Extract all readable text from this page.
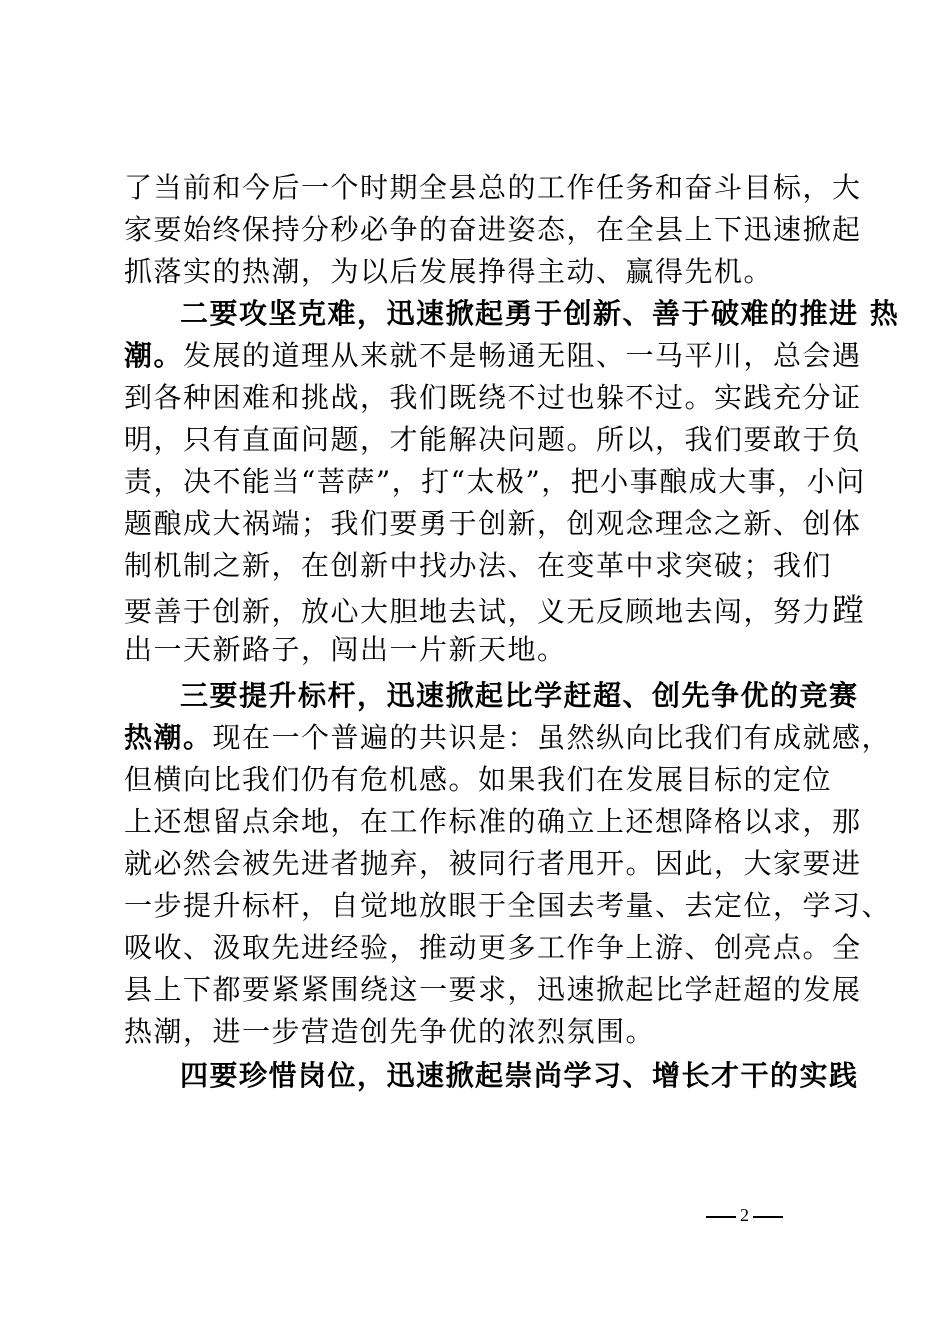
了当前和今后一个时期全县总的工作任务和奋斗目标，大
家要始终保持分秒必争的奋进姿态，在全县上下迅速掀起
抓落实的热潮，为以后发展挣得主动、赢得先机。
二要攻坚克难，迅速掀起勇于创新、善于破难的推进 热
潮。发展的道理从来就不是畅通无阻、一马平川，总会遇
到各种困难和挑战，我们既绕不过也躲不过。实践充分证
明，只有直面问题，才能解决问题。所以，我们要敢于负
责，决不能当“菩萨”，打“太极”，把小事酿成大事，小问
题酿成大祸端；我们要勇于创新，创观念理念之新、创体
制机制之新，在创新中找办法、在变革中求突破；我们
要善于创新，放心大胆地去试，义无反顾地去闯，努力蹚
出一天新路子，闯出一片新天地。
三要提升标杆，迅速掀起比学赶超、创先争优的竞赛
热潮。现在一个普遍的共识是：虽然纵向比我们有成就感，
但横向比我们仍有危机感。如果我们在发展目标的定位
上还想留点余地，在工作标准的确立上还想降格以求，那
就必然会被先进者抛弃，被同行者甩开。因此，大家要进
一步提升标杆，自觉地放眼于全国去考量、去定位，学习、
吸收、汲取先进经验，推动更多工作争上游、创亮点。全
县上下都要紧紧围绕这一要求，迅速掀起比学赶超的发展
热潮，进一步营造创先争优的浓烈氛围。
四要珍惜岗位，迅速掀起崇尚学习、增长才干的实践
2
